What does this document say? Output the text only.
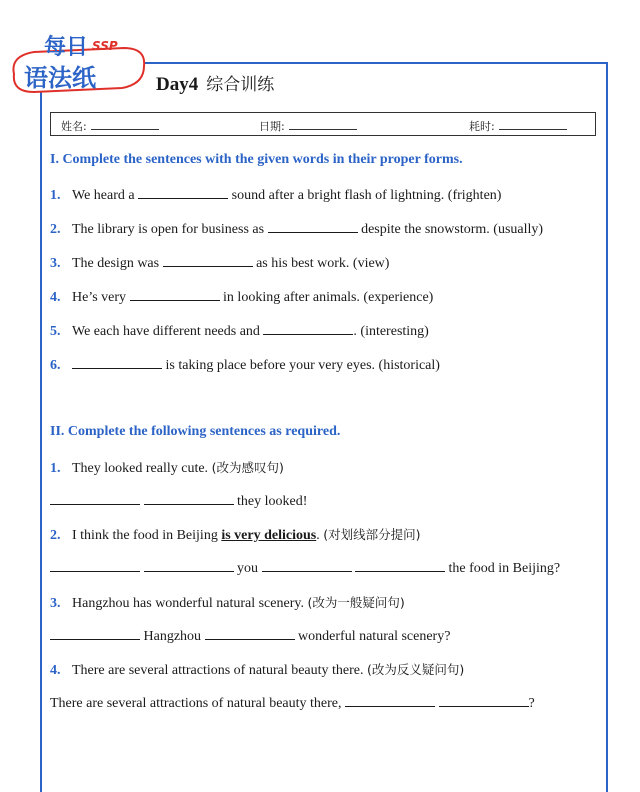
每日 SSP
语法纸	Day4 综合训练
姓名:	日期:	耗时:
I. Complete the sentences with the given words in their proper forms.
1. We heard a	sound after a bright flash of lightning. (frighten)
2. The library is open for business as	despite the snowstorm. (usually)
3. The design was	as his best work. (view)
4. He’s very	in looking after animals. (experience)
5. We each have different needs and	. (interesting)
6.	is taking place before your very eyes. (historical)
II. Complete the following sentences as required.
1. They looked really cute. (改为感叹句)
they looked!
2. I think the food in Beijing is very delicious. (对划线部分提问)
you	the food in Beijing?
3. Hangzhou has wonderful natural scenery. (改为一般疑问句)
Hangzhou	wonderful natural scenery?
4. There are several attractions of natural beauty there. (改为反义疑问句)
There are several attractions of natural beauty there,	?
